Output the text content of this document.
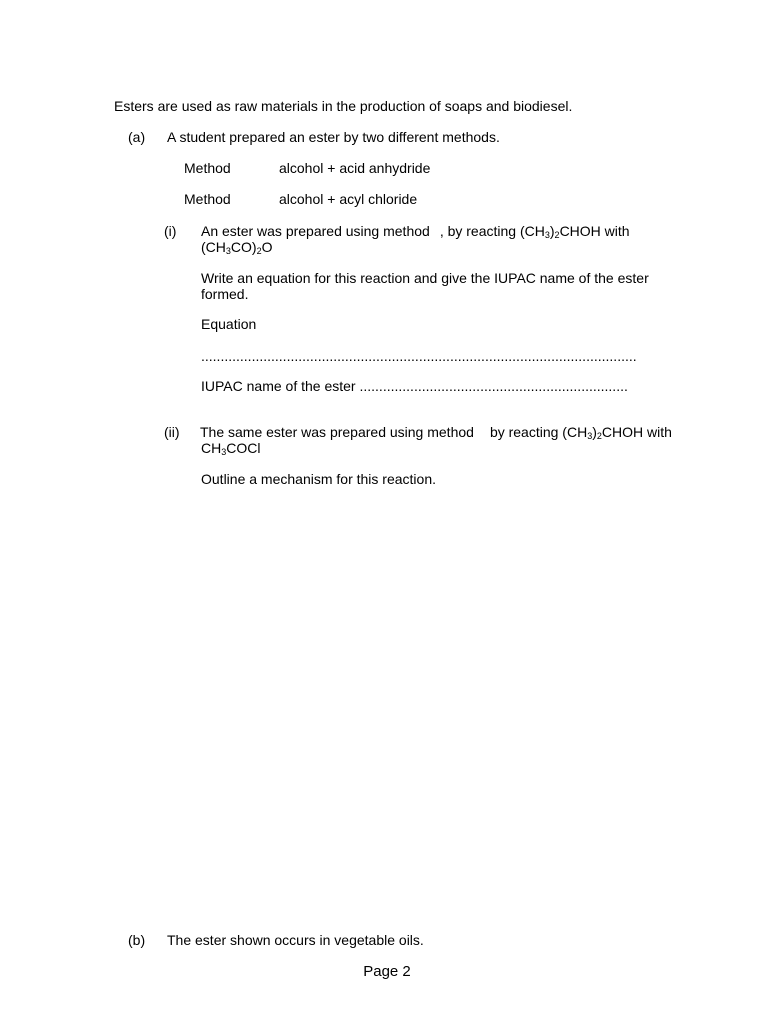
Esters are used as raw materials in the production of soaps and biodiesel.
(a) A student prepared an ester by two different methods.
Method	alcohol + acid anhydride
Method	alcohol + acyl chloride
(i) An ester was prepared using method , by reacting $(CH_3)_2CHOH$ with
$(CH_3CO)_2O$
Write an equation for this reaction and give the IUPAC name of the ester
formed.
Equation
................................................................................................................
IUPAC name of the ester .....................................................................
(ii) The same ester was prepared using method by reacting $(CH_3)_2CHOH$ with
$CH_3COCl$
Outline a mechanism for this reaction.
(b) The ester shown occurs in vegetable oils.
Page 2
